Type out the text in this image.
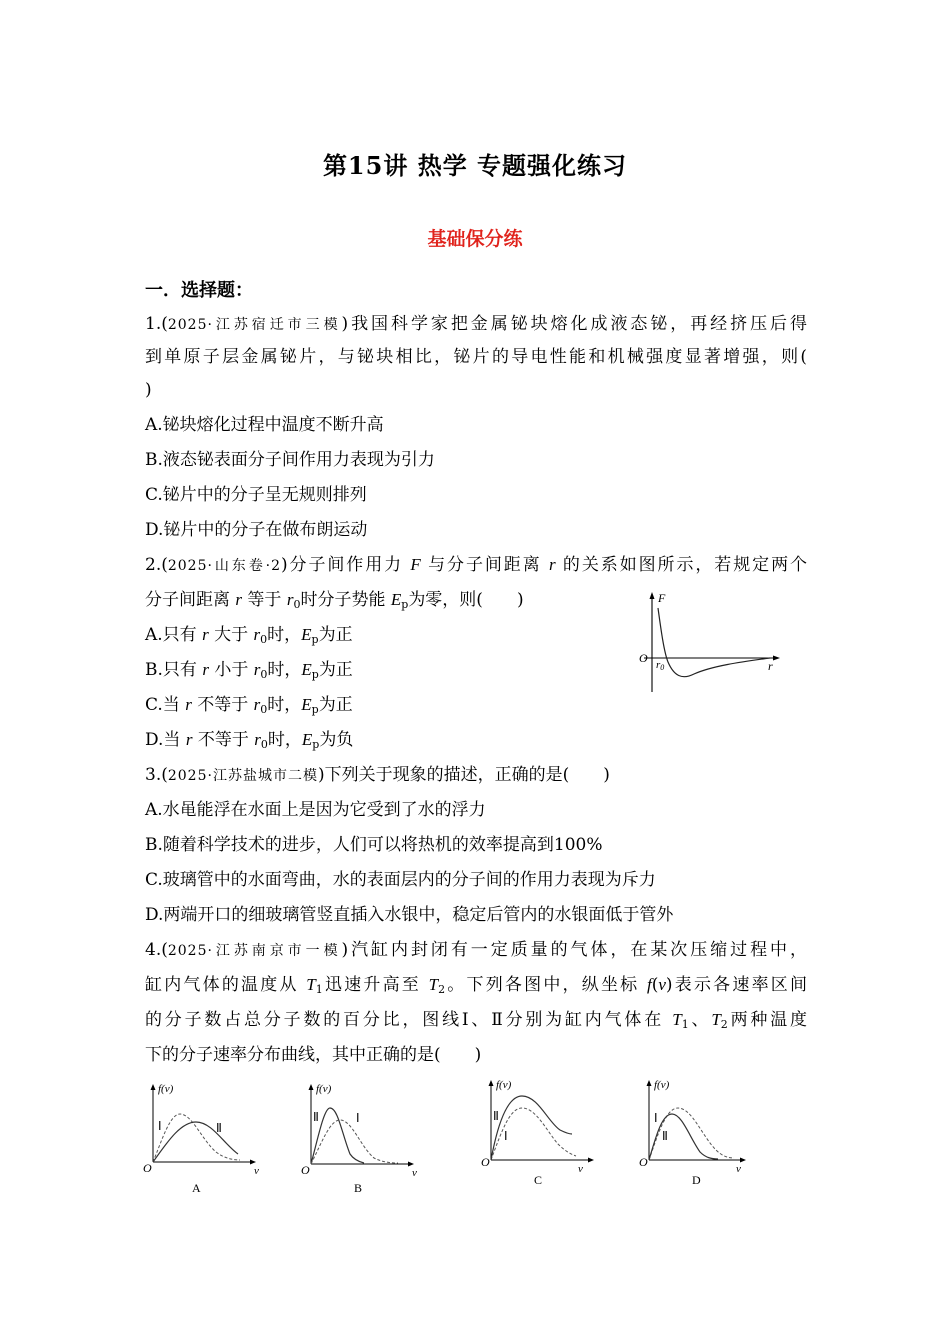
第15讲 热学 专题强化练习
基础保分练
一．选择题：
1.(2025·江苏宿迁市三模)我国科学家把金属铋块熔化成液态铋，再经挤压后得
到单原子层金属铋片，与铋块相比，铋片的导电性能和机械强度显著增强，则(
)
A.铋块熔化过程中温度不断升高
B.液态铋表面分子间作用力表现为引力
C.铋片中的分子呈无规则排列
D.铋片中的分子在做布朗运动
2.(2025·山东卷·2)分子间作用力 F 与分子间距离 r 的关系如图所示，若规定两个
分子间距离 r 等于 $r_0$时分子势能 $E_p$为零，则(　　)
A.只有 r 大于 $r_0$时，$E_p$为正
B.只有 r 小于 $r_0$时，$E_p$为正
C.当 r 不等于 $r_0$时，$E_p$为正
D.当 r 不等于 $r_0$时，$E_p$为负
F
O r0	r
3.(2025·江苏盐城市二模)下列关于现象的描述，正确的是(　　)
A.水黾能浮在水面上是因为它受到了水的浮力
B.随着科学技术的进步，人们可以将热机的效率提高到100%
C.玻璃管中的水面弯曲，水的表面层内的分子间的作用力表现为斥力
D.两端开口的细玻璃管竖直插入水银中，稳定后管内的水银面低于管外
4.(2025·江苏南京市一模)汽缸内封闭有一定质量的气体，在某次压缩过程中，
缸内气体的温度从 $T_1$迅速升高至 $T_2$。下列各图中，纵坐标 f(v)表示各速率区间
的分子数占总分子数的百分比，图线Ⅰ、Ⅱ分别为缸内气体在 $T_1$、$T_2$两种温度
下的分子速率分布曲线，其中正确的是(　　)
f(v)
Ⅰ	Ⅱ
O	v
A
f(v)
Ⅱ	Ⅰ
O	v
B
f(v)
Ⅱ
Ⅰ
O	v
C
f(v)
Ⅰ
Ⅱ
O	v
D
